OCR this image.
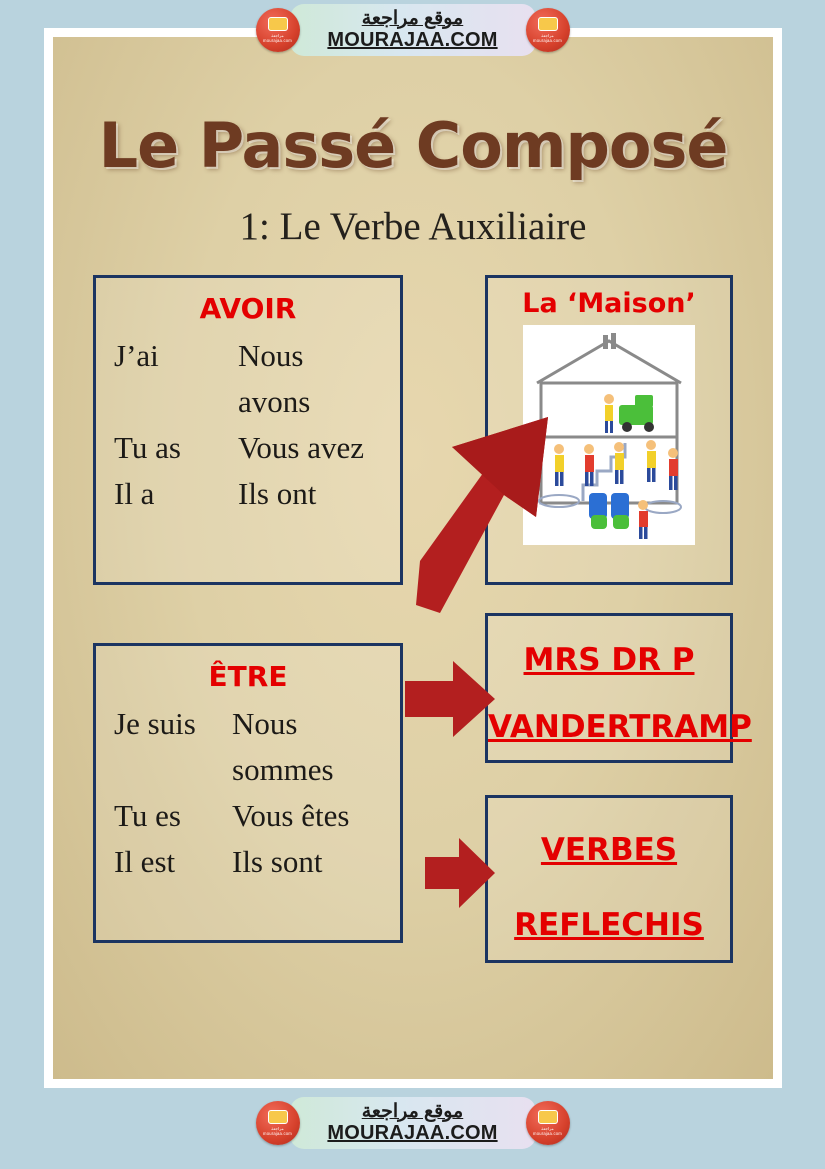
مراجعة
mourajaa.com
موقع مراجعة
MOURAJAA.COM	مراجعة
mourajaa.com
Le Passé Composé
1: Le Verbe Auxiliaire
AVOIR
J’ai	Nous avons
Tu as	Vous avez
Il a	Ils ont
ÊTRE
Je suis	Nous sommes
Tu es	Vous êtes
Il est	Ils sont
La ‘Maison’
MRS DR P
VANDERTRAMP
VERBES
REFLECHIS
مراجعة
mourajaa.com
موقع مراجعة
MOURAJAA.COM	مراجعة
mourajaa.com
